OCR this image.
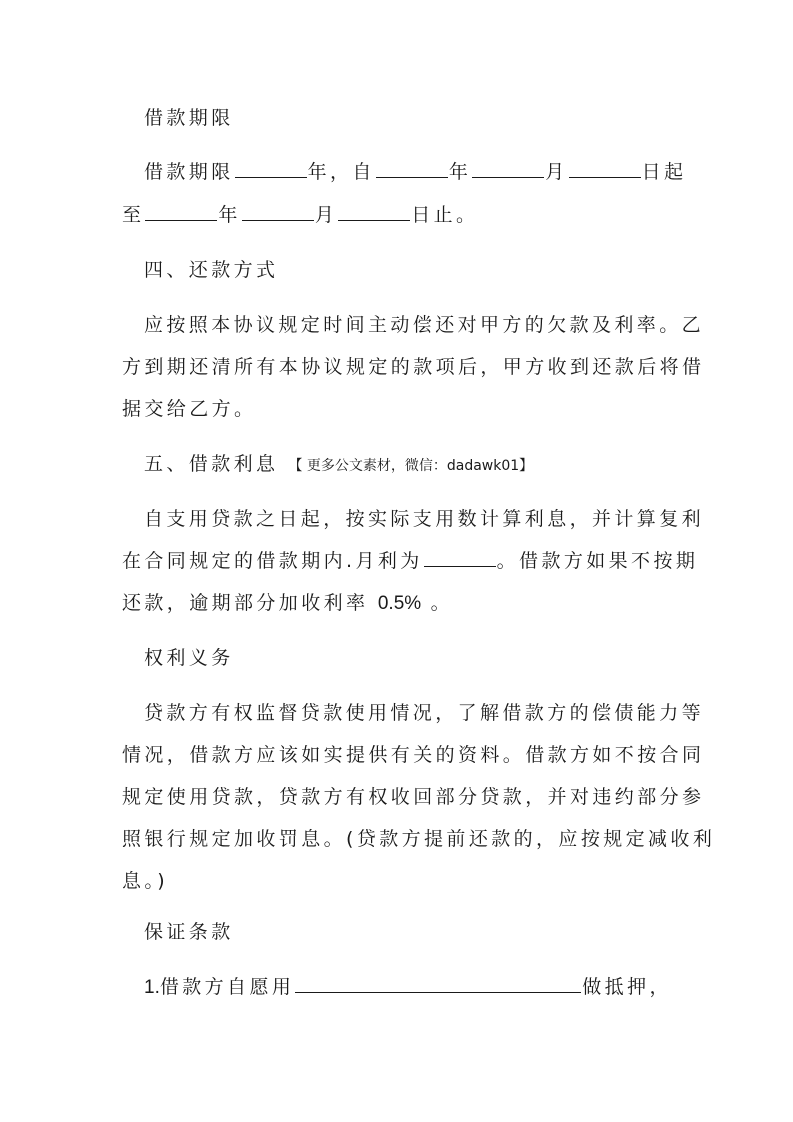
借款期限
借款期限	年，自	年	月	日起
至	年	月	日止。
四、还款方式
应按照本协议规定时间主动偿还对甲方的欠款及利率。乙
方到期还清所有本协议规定的款项后，甲方收到还款后将借
据交给乙方。
五、借款利息 【 更多公文素材，微信：dadawk01】
自支用贷款之日起，按实际支用数计算利息，并计算复利
在合同规定的借款期内.月利为	。借款方如果不按期
还款，逾期部分加收利率 0.5% 。
权利义务
贷款方有权监督贷款使用情况，了解借款方的偿债能力等
情况，借款方应该如实提供有关的资料。借款方如不按合同
规定使用贷款，贷款方有权收回部分贷款，并对违约部分参
照银行规定加收罚息。(贷款方提前还款的，应按规定减收利
息。)
保证条款
1.借款方自愿用	做抵押，
